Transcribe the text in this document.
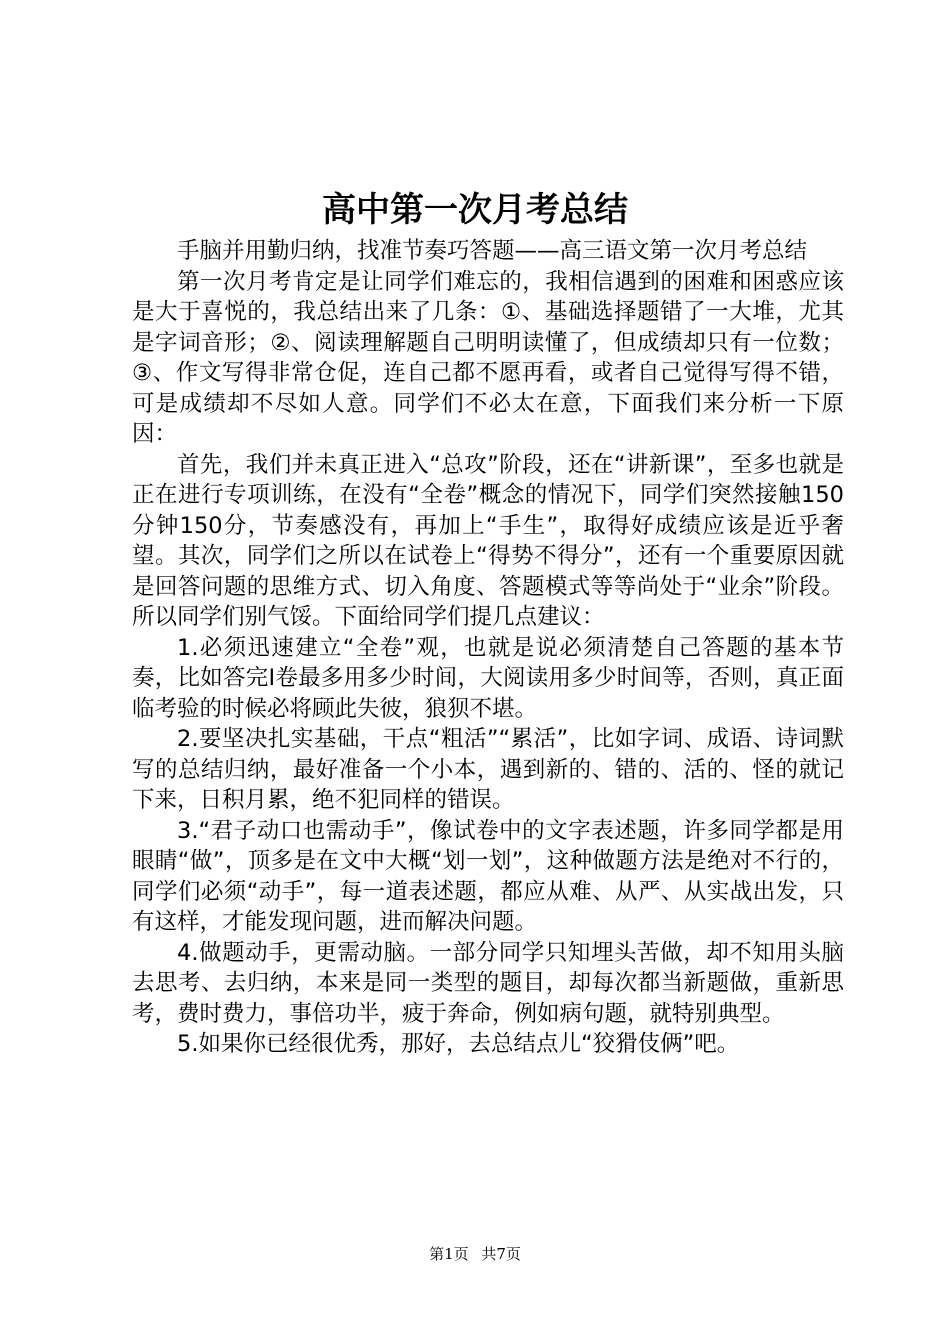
高中第一次月考总结

手脑并用勤归纳，找准节奏巧答题——高三语文第一次月考总结

第一次月考肯定是让同学们难忘的，我相信遇到的困难和困惑应该是大于喜悦的，我总结出来了几条：①、基础选择题错了一大堆，尤其是字词音形；②、阅读理解题自己明明读懂了，但成绩却只有一位数；③、作文写得非常仓促，连自己都不愿再看，或者自己觉得写得不错，可是成绩却不尽如人意。同学们不必太在意，下面我们来分析一下原因：

首先，我们并未真正进入“总攻”阶段，还在“讲新课”，至多也就是正在进行专项训练，在没有“全卷”概念的情况下，同学们突然接触150分钟150分，节奏感没有，再加上“手生”，取得好成绩应该是近乎奢望。其次，同学们之所以在试卷上“得势不得分”，还有一个重要原因就是回答问题的思维方式、切入角度、答题模式等等尚处于“业余”阶段。所以同学们别气馁。下面给同学们提几点建议：

1.必须迅速建立“全卷”观，也就是说必须清楚自己答题的基本节奏，比如答完Ⅰ卷最多用多少时间，大阅读用多少时间等，否则，真正面临考验的时候必将顾此失彼，狼狈不堪。

2.要坚决扎实基础，干点“粗活”“累活”，比如字词、成语、诗词默写的总结归纳，最好准备一个小本，遇到新的、错的、活的、怪的就记下来，日积月累，绝不犯同样的错误。

3.“君子动口也需动手”，像试卷中的文字表述题，许多同学都是用眼睛“做”，顶多是在文中大概“划一划”，这种做题方法是绝对不行的，同学们必须“动手”，每一道表述题，都应从难、从严、从实战出发，只有这样，才能发现问题，进而解决问题。

4.做题动手，更需动脑。一部分同学只知埋头苦做，却不知用头脑去思考、去归纳，本来是同一类型的题目，却每次都当新题做，重新思考，费时费力，事倍功半，疲于奔命，例如病句题，就特别典型。

5.如果你已经很优秀，那好，去总结点儿“狡猾伎俩”吧。

第1页 共7页
